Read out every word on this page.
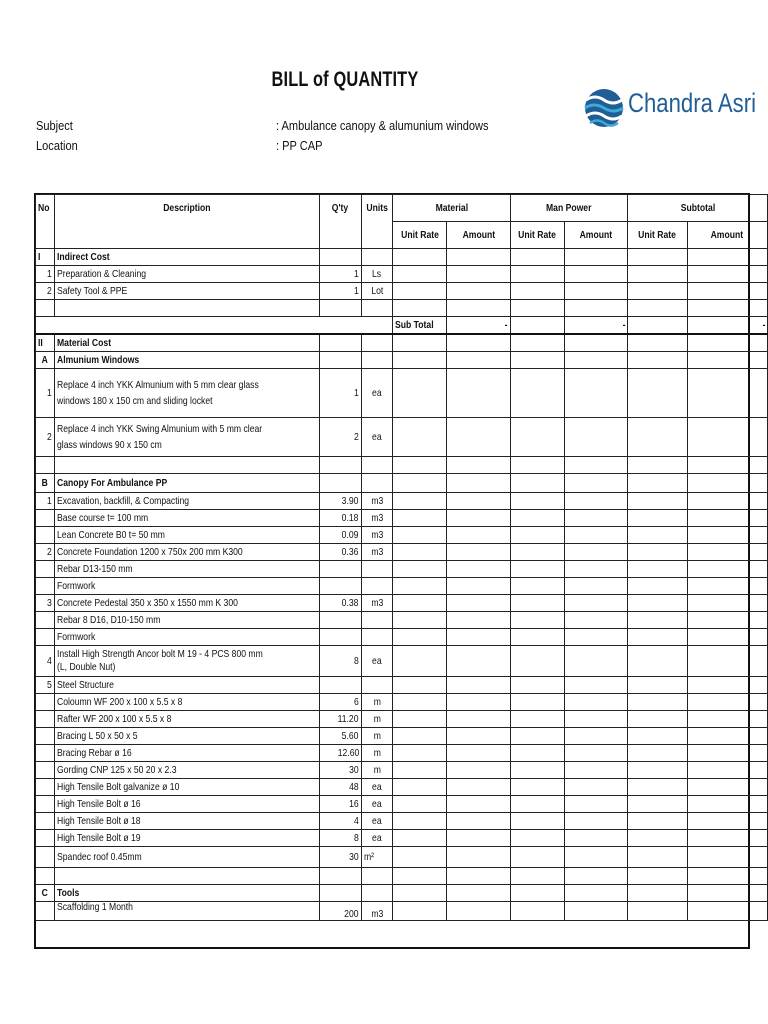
BILL of QUANTITY
Subject
Location
: Ambulance canopy & alumunium windows
: PP CAP
Chandra Asri
No	Description	Q'ty	Units	Material		Man Power		Subtotal	
				Unit Rate	Amount	Unit Rate	Amount	Unit Rate	Amount
I	Indirect Cost								
1	Preparation & Cleaning	1	Ls						
2	Safety Tool & PPE	1	Lot						

				Sub Total	-		-		-
II	Material Cost								
A	Almunium Windows								
1	Replace 4 inch YKK Almunium with 5 mm clear glass windows 180 x 150 cm and sliding locket	1	ea						
2	Replace 4 inch YKK Swing Almunium with 5 mm clear glass windows 90 x 150 cm	2	ea						

B	Canopy For Ambulance PP								
1	Excavation, backfill, & Compacting	3.90	m3						
	Base course t= 100 mm	0.18	m3						
	Lean Concrete B0 t= 50 mm	0.09	m3						
2	Concrete Foundation 1200 x 750x 200 mm K300	0.36	m3						
	Rebar D13-150 mm								
	Formwork								
3	Concrete Pedestal 350 x 350 x 1550 mm K 300	0.38	m3						
	Rebar 8 D16, D10-150 mm								
	Formwork								
4	Install High Strength Ancor bolt M 19 - 4 PCS 800 mm (L, Double Nut)	8	ea						
5	Steel Structure								
	Coloumn WF 200 x 100 x 5.5 x 8	6	m						
	Rafter WF 200 x 100 x 5.5 x 8	11.20	m						
	Bracing L 50 x 50 x 5	5.60	m						
	Bracing Rebar ø 16	12.60	m						
	Gording CNP 125 x 50 20 x 2.3	30	m						
	High Tensile Bolt galvanize ø 10	48	ea						
	High Tensile Bolt ø 16	16	ea						
	High Tensile Bolt ø 18	4	ea						
	High Tensile Bolt ø 19	8	ea						
	Spandec roof 0.45mm	30	m²						

C	Tools								
	Scaffolding 1 Month	200	m3						
